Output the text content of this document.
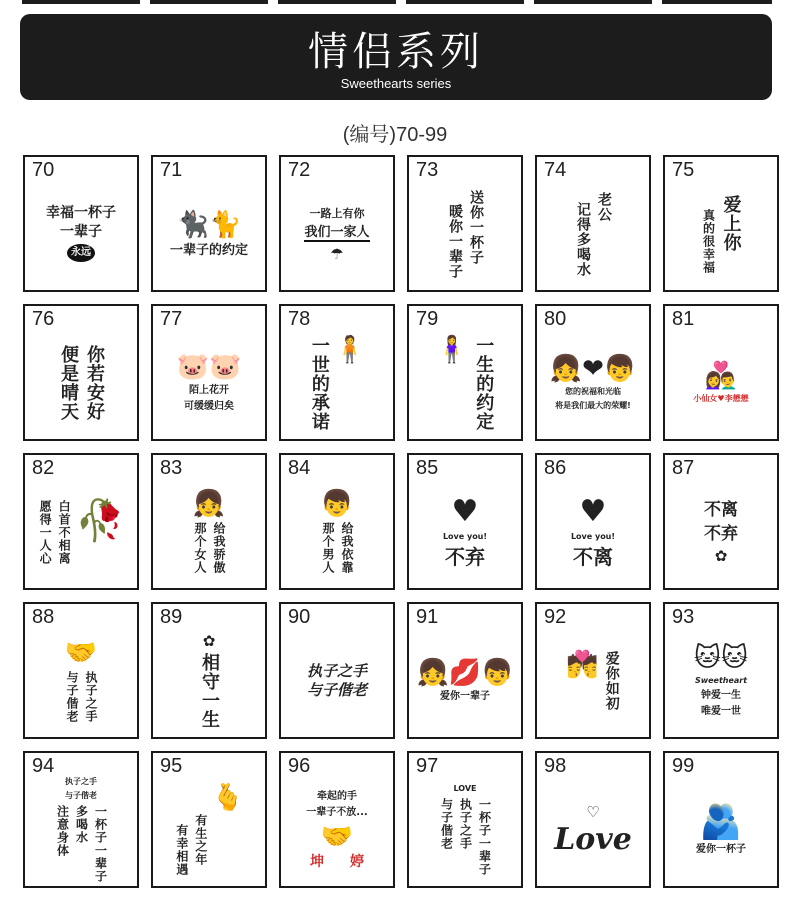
情侣系列
Sweethearts series
(编号)70-99
70
幸福一杯子
一辈子
永远
71
🐈‍⬛🐈
一辈子的约定
72
一路上有你
我们一家人
☂
73
送你一杯子
暖你一辈子
74
老公
记得多喝水
75
爱上你
真的很幸福
76
你若安好
便是晴天
77
🐷🐷
陌上花开
可缓缓归矣
78
🧍
一世的承诺
79
一生的约定
🧍‍♀️
80
👧❤👦
您的祝福和光临
将是我们最大的荣耀!
81
👩‍❤‍👨
小仙女♥李懋懋
82
🥀
白首不相离
愿得一人心
83
👧
给我骄傲
那个女人
84
👦
给我依靠
那个男人
85
♥
Love you!
不弃
86
♥
Love you!
不离
87
不离
不弃
✿
88
🤝
执子之手
与子偕老
89
✿
相守一生
90
执子之手
与子偕老
91
👧💋👦
爱你一辈子
92
爱你如初
💏
93
🐱🐱
Sweetheart
钟爱一生
唯爱一世
94
执子之手
与子偕老
一杯子一辈子
多喝水
注意身体
95
🫰
有生之年
有幸相遇
96
牵起的手
一辈子不放...
🤝
坤 婷
97
LOVE
一杯子一辈子
执子之手
与子偕老
98
♡
Love
99
🫂
爱你一杯子
